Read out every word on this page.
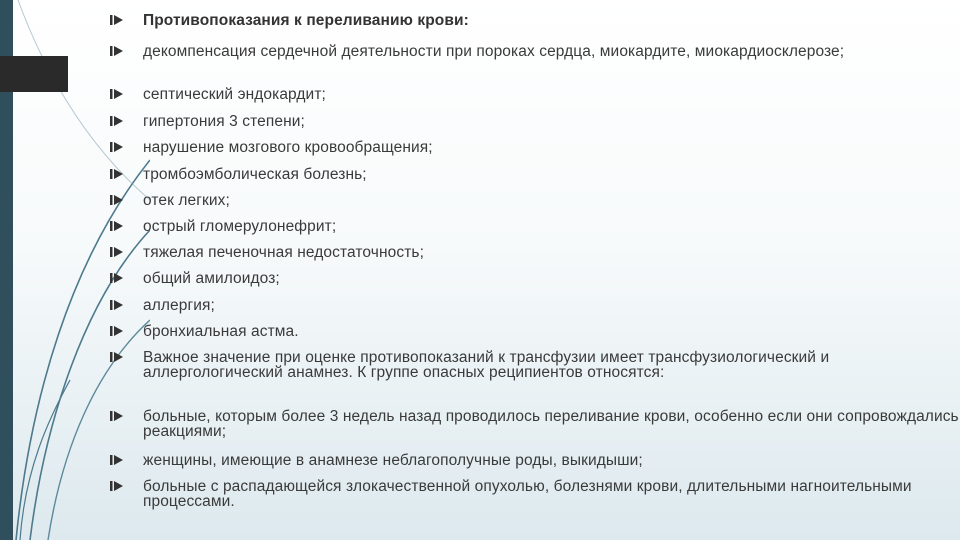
Противопоказания к переливанию крови:
декомпенсация сердечной деятельности при пороках сердца, миокардите, миокардиосклерозе;
септический эндокардит;
гипертония 3 степени;
нарушение мозгового кровообращения;
тромбоэмболическая болезнь;
отек легких;
острый гломерулонефрит;
тяжелая печеночная недостаточность;
общий амилоидоз;
аллергия;
бронхиальная астма.
Важное значение при оценке противопоказаний к трансфузии имеет трансфузиологический и аллергологический анамнез. К группе опасных реципиентов относятся:
больные, которым более 3 недель назад проводилось переливание крови, особенно если они сопровождались реакциями;
женщины, имеющие в анамнезе неблагополучные роды, выкидыши;
больные с распадающейся злокачественной опухолью, болезнями крови, длительными нагноительными процессами.
